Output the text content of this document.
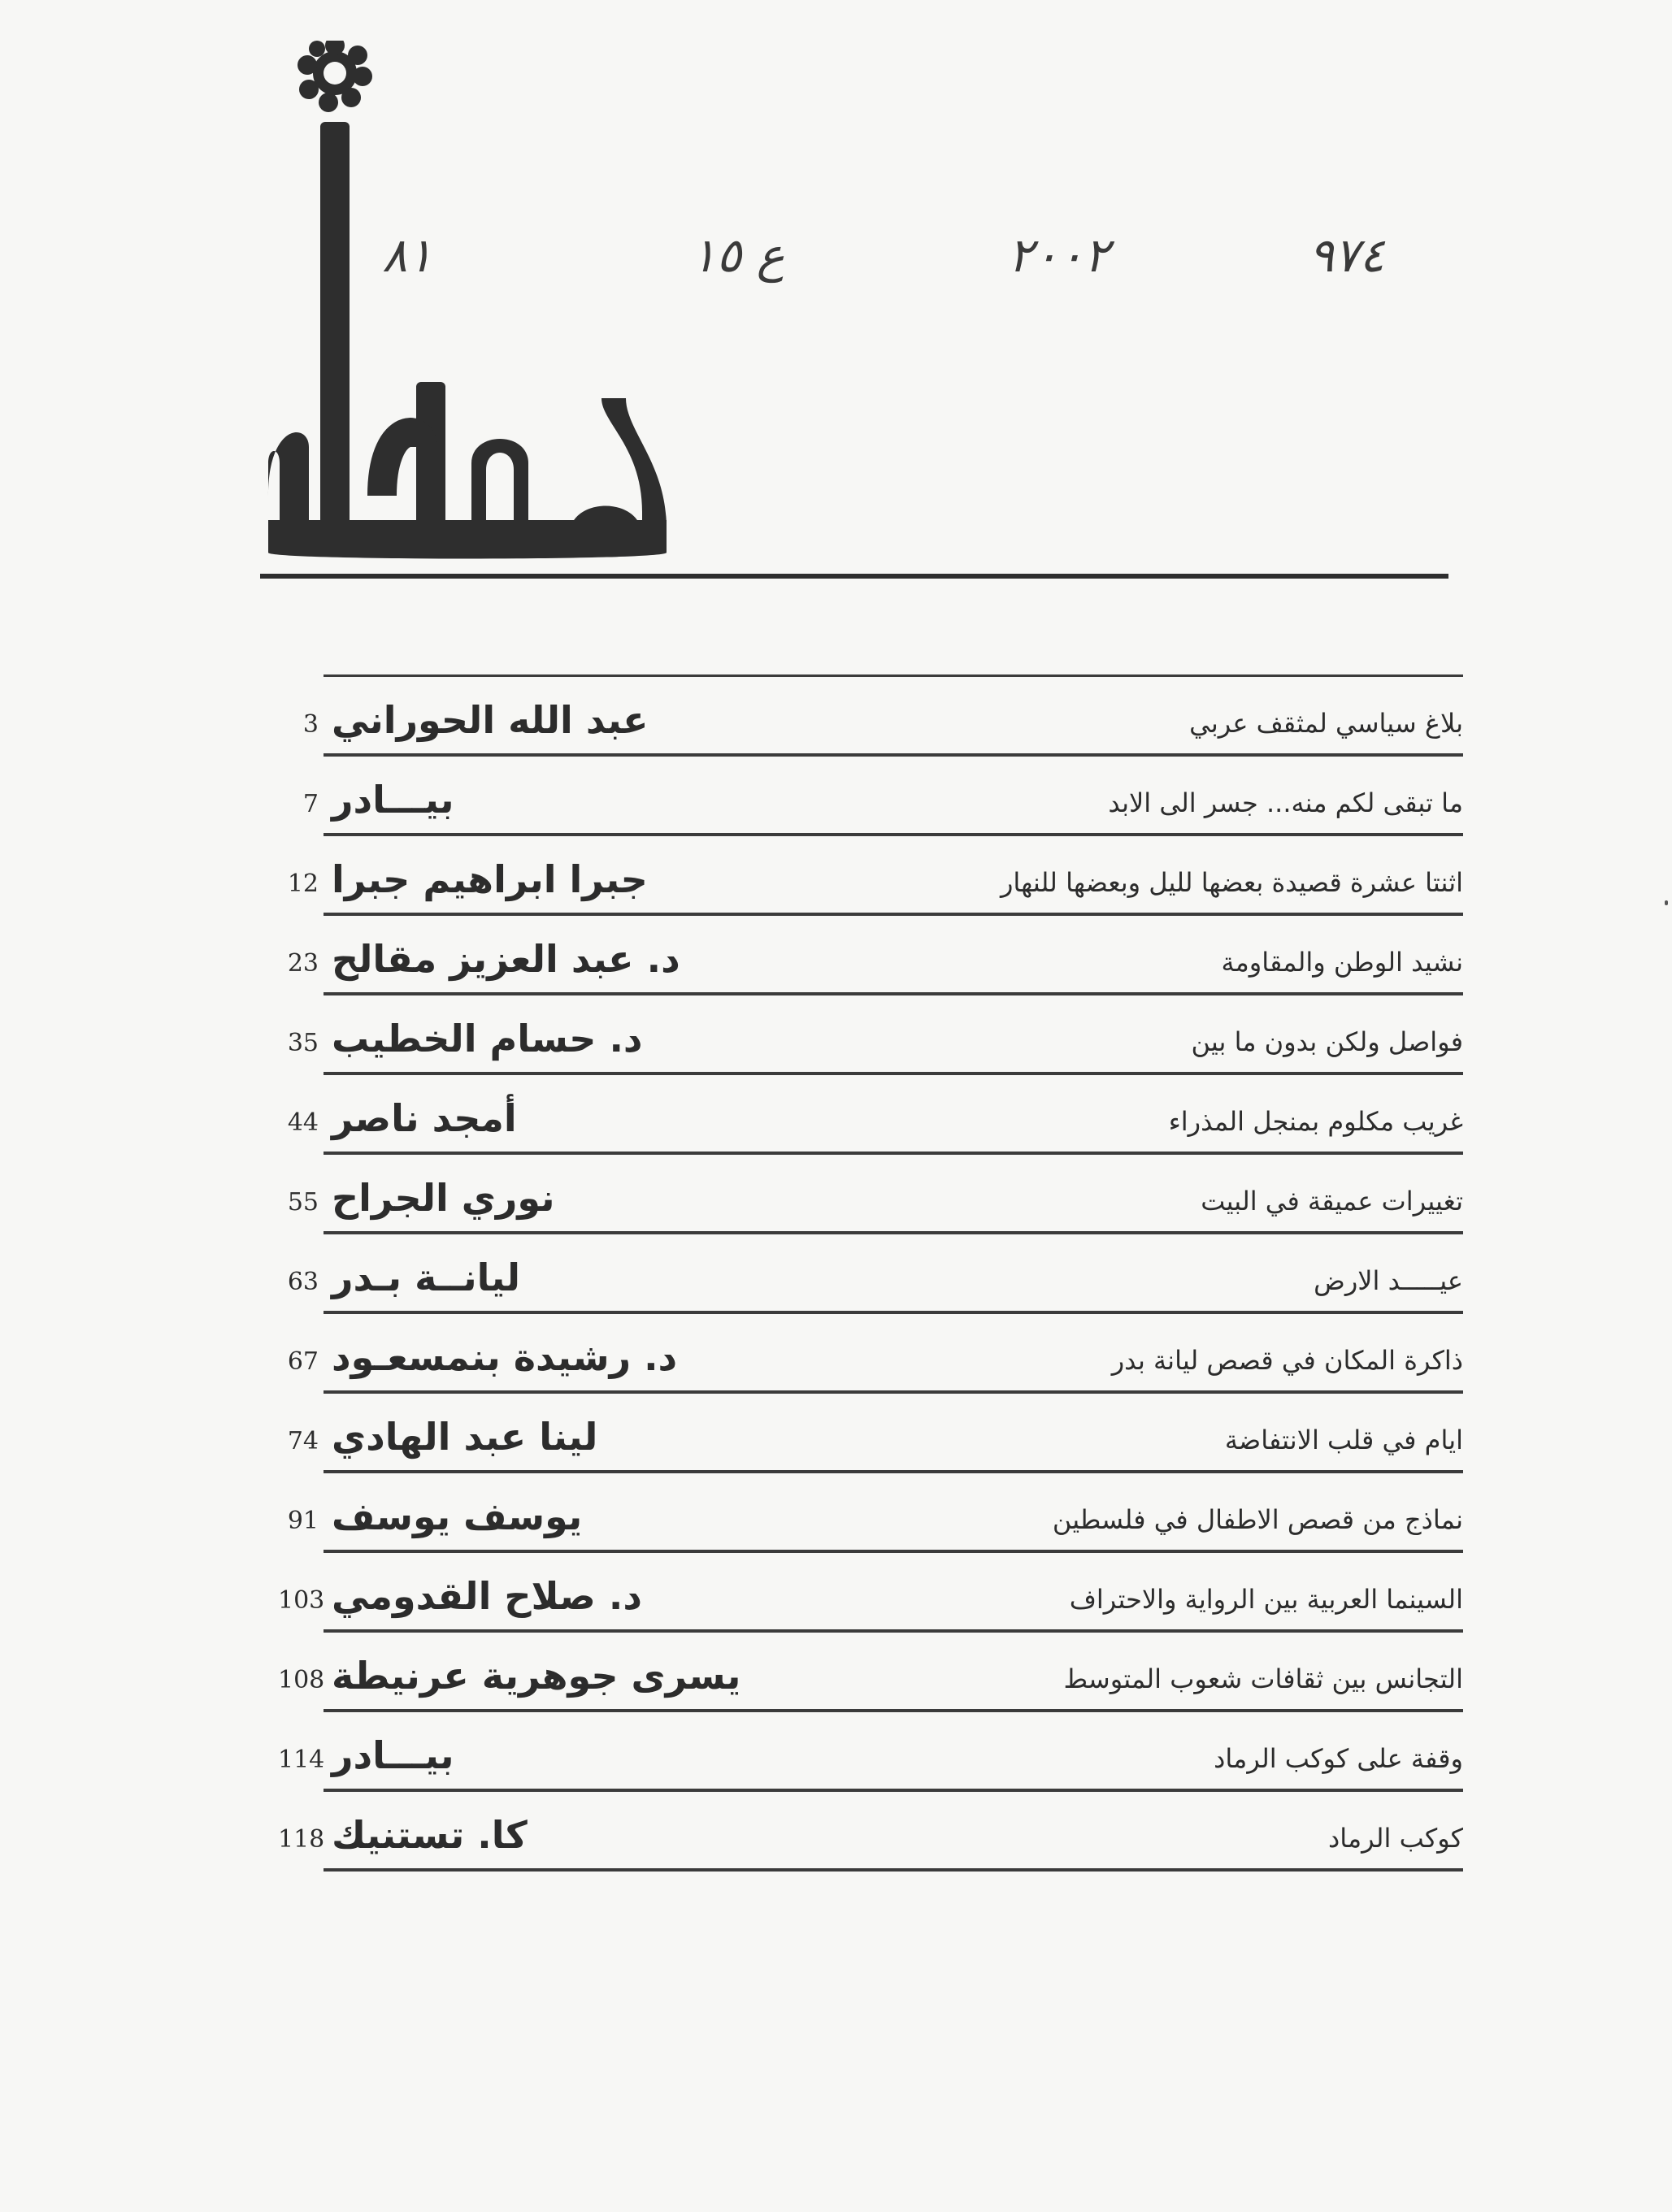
٩٧٤
٢٠٠٢
ع ١٥
٨١
بلاغ سياسي لمثقف عربي
عبد الله الحوراني
3
ما تبقى لكم منه... جسر الى الابد
بيـــادر
7
اثنتا عشرة قصيدة بعضها لليل وبعضها للنهار
جبرا ابراهيم جبرا
12
نشيد الوطن والمقاومة
د. عبد العزيز مقالح
23
فواصل ولكن بدون ما بين
د. حسام الخطيب
35
غريب مكلوم بمنجل المذراء
أمجد ناصر
44
تغييرات عميقة في البيت
نوري الجراح
55
عيـــــد الارض
ليانــة بـدر
63
ذاكرة المكان في قصص ليانة بدر
د. رشيدة بنمسعـود
67
ايام في قلب الانتفاضة
لينا عبد الهادي
74
نماذج من قصص الاطفال في فلسطين
يوسف يوسف
91
السينما العربية بين الرواية والاحتراف
د. صلاح القدومي
103
التجانس بين ثقافات شعوب المتوسط
يسرى جوهرية عرنيطة
108
وقفة على كوكب الرماد
بيـــادر
114
كوكب الرماد
كا. تستنيك
118
